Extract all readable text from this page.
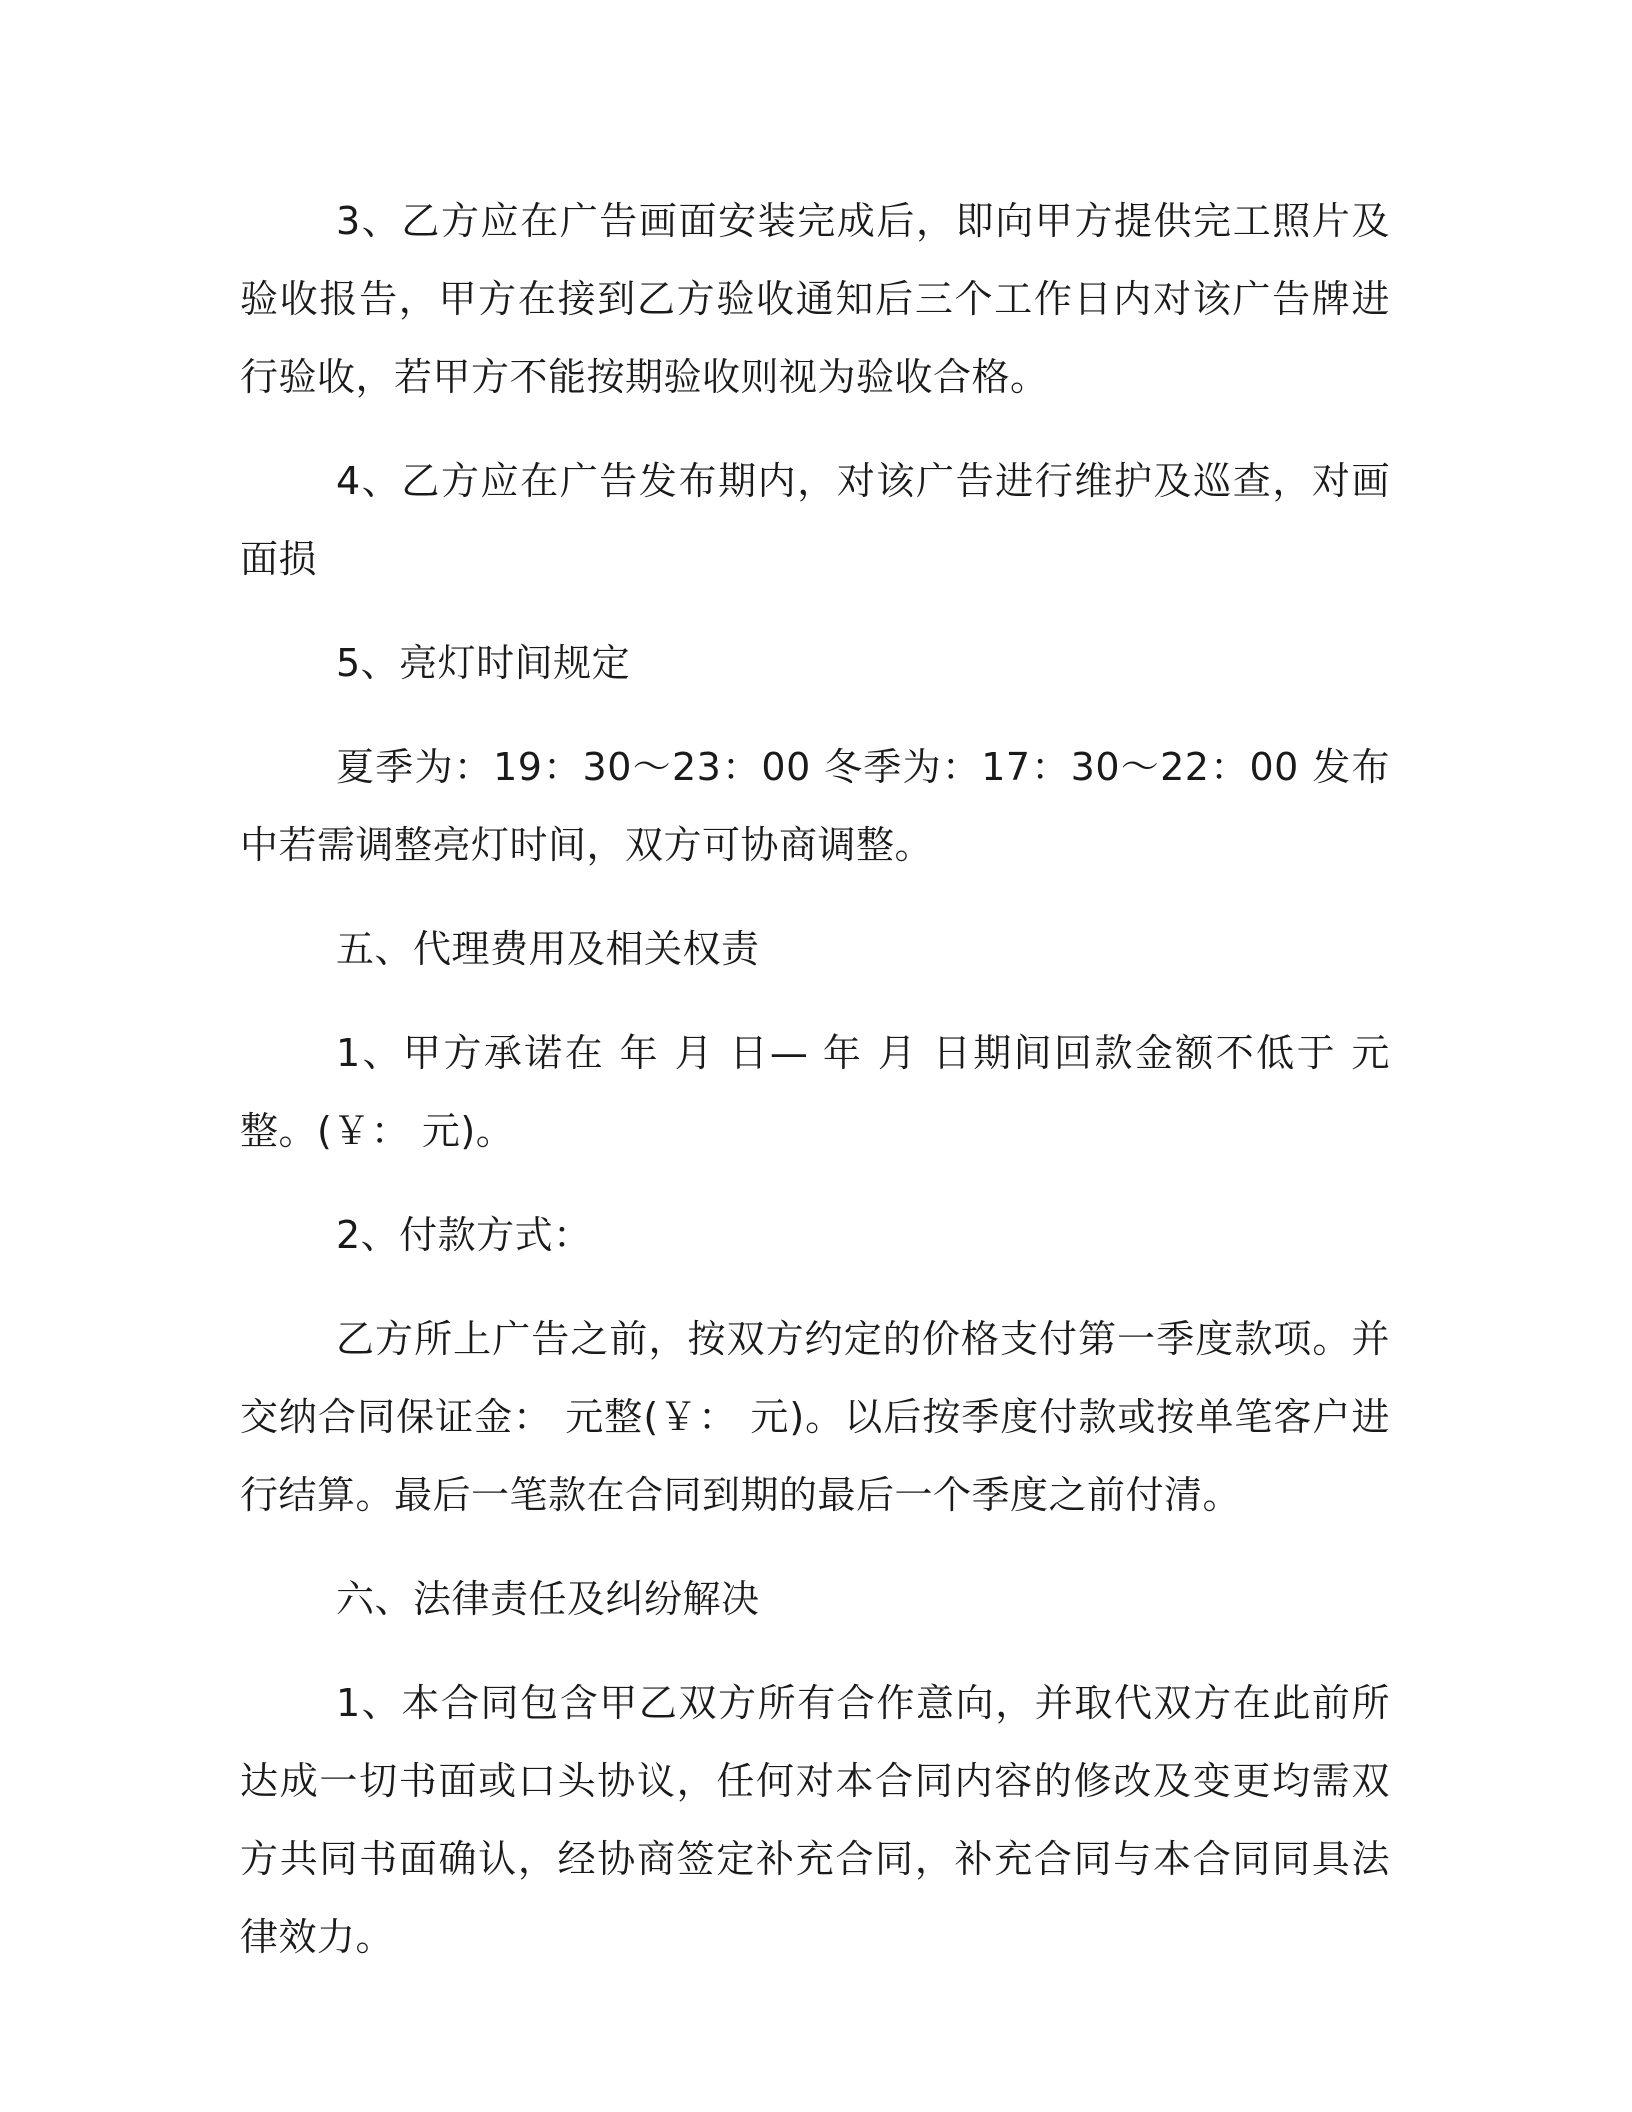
3、乙方应在广告画面安装完成后，即向甲方提供完工照片及验收报告，甲方在接到乙方验收通知后三个工作日内对该广告牌进行验收，若甲方不能按期验收则视为验收合格。

4、乙方应在广告发布期内，对该广告进行维护及巡查，对画面损

5、亮灯时间规定

夏季为：19：30～23：00 冬季为：17：30～22：00 发布中若需调整亮灯时间，双方可协商调整。

五、代理费用及相关权责

1、甲方承诺在 年 月 日— 年 月 日期间回款金额不低于 元整。(￥： 元)。

2、付款方式：

乙方所上广告之前，按双方约定的价格支付第一季度款项。并交纳合同保证金： 元整(￥： 元)。以后按季度付款或按单笔客户进行结算。最后一笔款在合同到期的最后一个季度之前付清。

六、法律责任及纠纷解决

1、本合同包含甲乙双方所有合作意向，并取代双方在此前所达成一切书面或口头协议，任何对本合同内容的修改及变更均需双方共同书面确认，经协商签定补充合同，补充合同与本合同同具法律效力。
